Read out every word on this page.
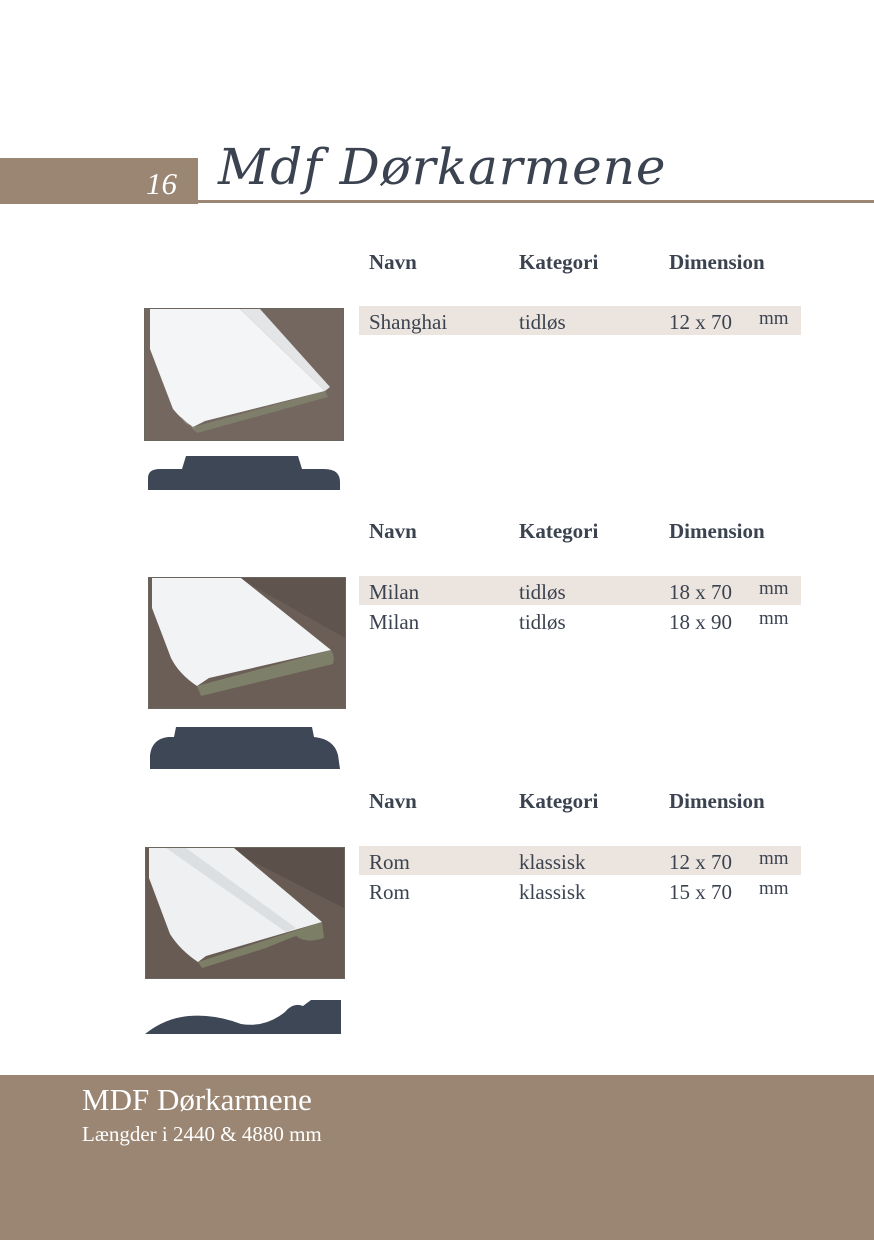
16 Mdf Dørkarmene
Navn	Kategori	Dimension
Shanghai	tidløs	12 x 70 mm
Navn	Kategori	Dimension
Milan	tidløs	18 x 70 mm
Milan	tidløs	18 x 90 mm
Navn	Kategori	Dimension
Rom	klassisk	12 x 70 mm
Rom	klassisk	15 x 70 mm
MDF Dørkarmene
Længder i 2440 & 4880 mm
